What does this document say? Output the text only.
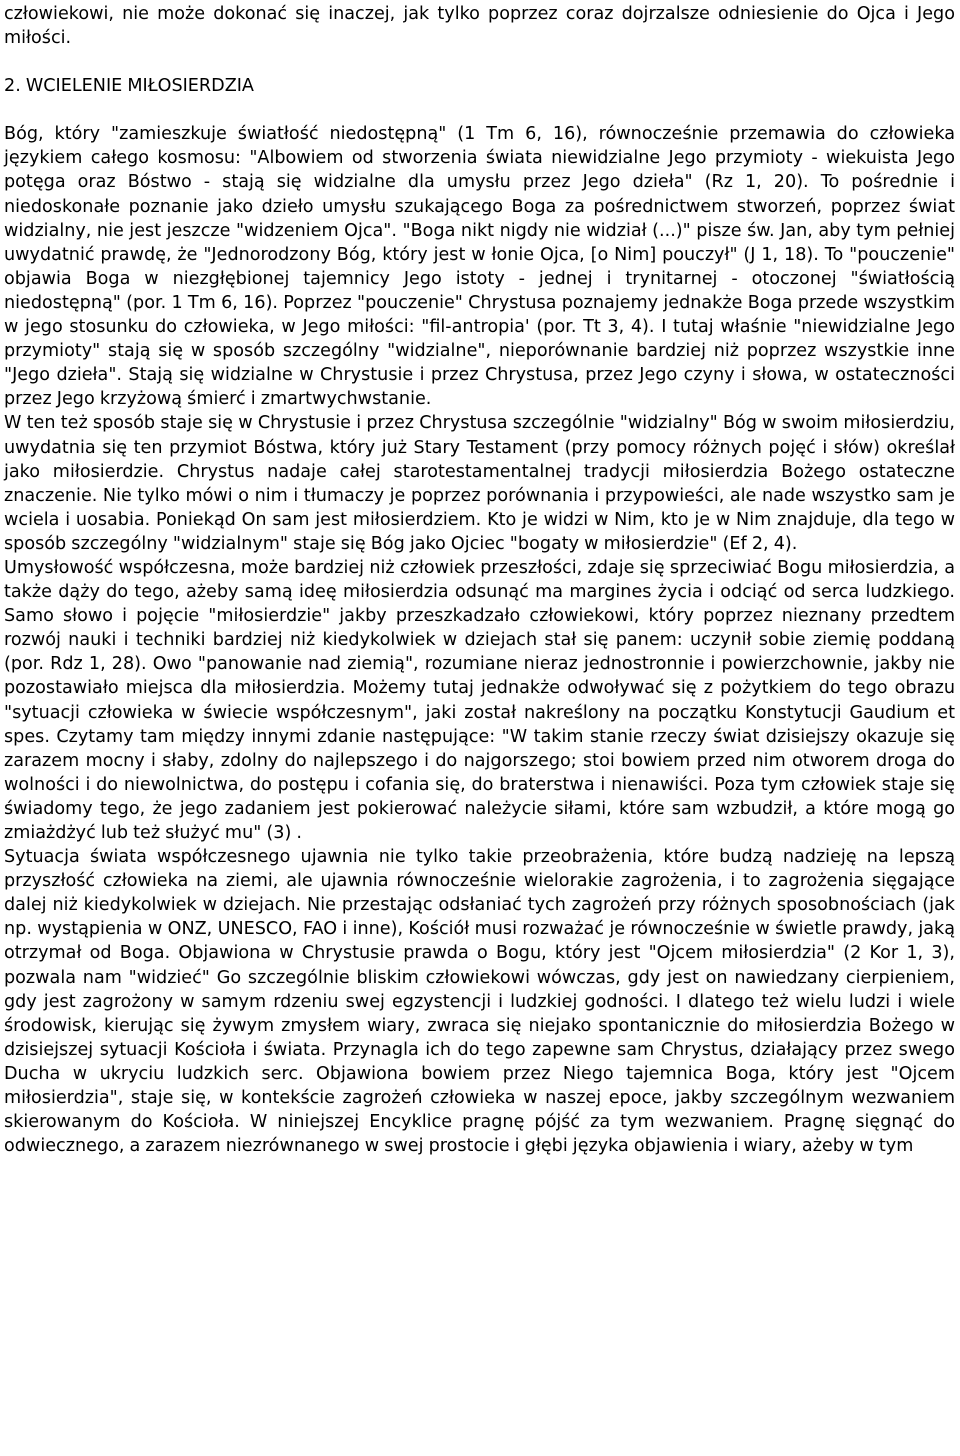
człowiekowi, nie może dokonać się inaczej, jak tylko poprzez coraz dojrzalsze odniesienie do Ojca i Jego miłości.

2. WCIELENIE MIŁOSIERDZIA

Bóg, który "zamieszkuje światłość niedostępną" (1 Tm 6, 16), równocześnie przemawia do człowieka językiem całego kosmosu: "Albowiem od stworzenia świata niewidzialne Jego przymioty - wiekuista Jego potęga oraz Bóstwo - stają się widzialne dla umysłu przez Jego dzieła" (Rz 1, 20). To pośrednie i niedoskonałe poznanie jako dzieło umysłu szukającego Boga za pośrednictwem stworzeń, poprzez świat widzialny, nie jest jeszcze "widzeniem Ojca". "Boga nikt nigdy nie widział (...)" pisze św. Jan, aby tym pełniej uwydatnić prawdę, że "Jednorodzony Bóg, który jest w łonie Ojca, [o Nim] pouczył" (J 1, 18). To "pouczenie" objawia Boga w niezgłębionej tajemnicy Jego istoty - jednej i trynitarnej - otoczonej "światłością niedostępną" (por. 1 Tm 6, 16). Poprzez "pouczenie" Chrystusa poznajemy jednakże Boga przede wszystkim w jego stosunku do człowieka, w Jego miłości: "fil-antropia' (por. Tt 3, 4). I tutaj właśnie "niewidzialne Jego przymioty" stają się w sposób szczególny "widzialne", nieporównanie bardziej niż poprzez wszystkie inne "Jego dzieła". Stają się widzialne w Chrystusie i przez Chrystusa, przez Jego czyny i słowa, w ostateczności przez Jego krzyżową śmierć i zmartwychwstanie.

W ten też sposób staje się w Chrystusie i przez Chrystusa szczególnie "widzialny" Bóg w swoim miłosierdziu, uwydatnia się ten przymiot Bóstwa, który już Stary Testament (przy pomocy różnych pojęć i słów) określał jako miłosierdzie. Chrystus nadaje całej starotestamentalnej tradycji miłosierdzia Bożego ostateczne znaczenie. Nie tylko mówi o nim i tłumaczy je poprzez porównania i przypowieści, ale nade wszystko sam je wciela i uosabia. Poniekąd On sam jest miłosierdziem. Kto je widzi w Nim, kto je w Nim znajduje, dla tego w sposób szczególny "widzialnym" staje się Bóg jako Ojciec "bogaty w miłosierdzie" (Ef 2, 4).

Umysłowość współczesna, może bardziej niż człowiek przeszłości, zdaje się sprzeciwiać Bogu miłosierdzia, a także dąży do tego, ażeby samą ideę miłosierdzia odsunąć ma margines życia i odciąć od serca ludzkiego. Samo słowo i pojęcie "miłosierdzie" jakby przeszkadzało człowiekowi, który poprzez nieznany przedtem rozwój nauki i techniki bardziej niż kiedykolwiek w dziejach stał się panem: uczynił sobie ziemię poddaną (por. Rdz 1, 28). Owo "panowanie nad ziemią", rozumiane nieraz jednostronnie i powierzchownie, jakby nie pozostawiało miejsca dla miłosierdzia. Możemy tutaj jednakże odwoływać się z pożytkiem do tego obrazu "sytuacji człowieka w świecie współczesnym", jaki został nakreślony na początku Konstytucji Gaudium et spes. Czytamy tam między innymi zdanie następujące: "W takim stanie rzeczy świat dzisiejszy okazuje się zarazem mocny i słaby, zdolny do najlepszego i do najgorszego; stoi bowiem przed nim otworem droga do wolności i do niewolnictwa, do postępu i cofania się, do braterstwa i nienawiści. Poza tym człowiek staje się świadomy tego, że jego zadaniem jest pokierować należycie siłami, które sam wzbudził, a które mogą go zmiażdżyć lub też służyć mu" (3) .

Sytuacja świata współczesnego ujawnia nie tylko takie przeobrażenia, które budzą nadzieję na lepszą przyszłość człowieka na ziemi, ale ujawnia równocześnie wielorakie zagrożenia, i to zagrożenia sięgające dalej niż kiedykolwiek w dziejach. Nie przestając odsłaniać tych zagrożeń przy różnych sposobnościach (jak np. wystąpienia w ONZ, UNESCO, FAO i inne), Kościół musi rozważać je równocześnie w świetle prawdy, jaką otrzymał od Boga. Objawiona w Chrystusie prawda o Bogu, który jest "Ojcem miłosierdzia" (2 Kor 1, 3), pozwala nam "widzieć" Go szczególnie bliskim człowiekowi wówczas, gdy jest on nawiedzany cierpieniem, gdy jest zagrożony w samym rdzeniu swej egzystencji i ludzkiej godności. I dlatego też wielu ludzi i wiele środowisk, kierując się żywym zmysłem wiary, zwraca się niejako spontanicznie do miłosierdzia Bożego w dzisiejszej sytuacji Kościoła i świata. Przynagla ich do tego zapewne sam Chrystus, działający przez swego Ducha w ukryciu ludzkich serc. Objawiona bowiem przez Niego tajemnica Boga, który jest "Ojcem miłosierdzia", staje się, w kontekście zagrożeń człowieka w naszej epoce, jakby szczególnym wezwaniem skierowanym do Kościoła. W niniejszej Encyklice pragnę pójść za tym wezwaniem. Pragnę sięgnąć do odwiecznego, a zarazem niezrównanego w swej prostocie i głębi języka objawienia i wiary, ażeby w tym
